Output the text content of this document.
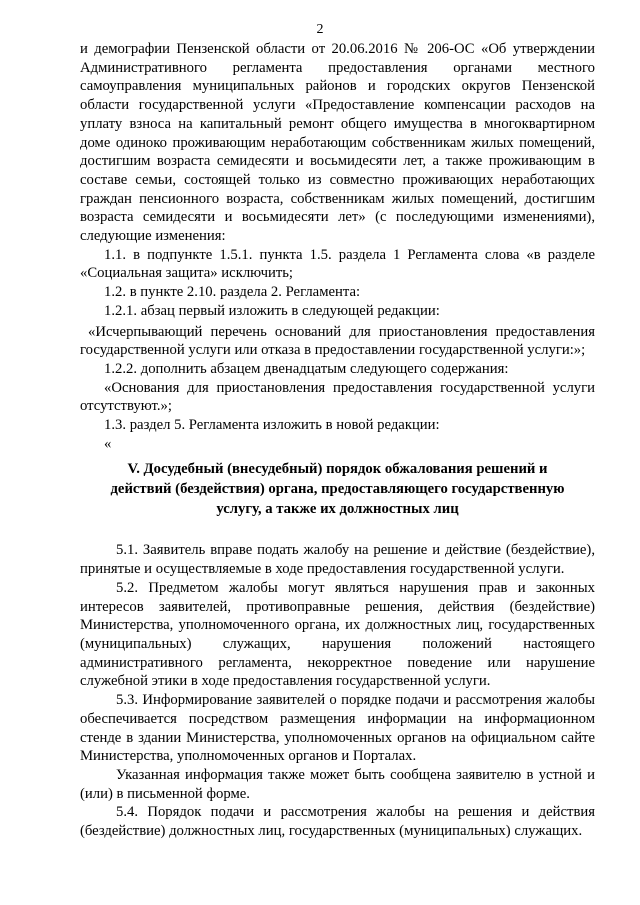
2

и демографии Пензенской области от 20.06.2016 № 206-ОС «Об утверждении Административного регламента предоставления органами местного самоуправления муниципальных районов и городских округов Пензенской области государственной услуги «Предоставление компенсации расходов на уплату взноса на капитальный ремонт общего имущества в многоквартирном доме одиноко проживающим неработающим собственникам жилых помещений, достигшим возраста семидесяти и восьмидесяти лет, а также проживающим в составе семьи, состоящей только из совместно проживающих неработающих граждан пенсионного возраста, собственникам жилых помещений, достигшим возраста семидесяти и восьмидесяти лет» (с последующими изменениями), следующие изменения:

1.1. в подпункте 1.5.1. пункта 1.5. раздела 1 Регламента слова «в разделе «Социальная защита» исключить;

1.2. в пункте 2.10. раздела 2. Регламента:

1.2.1. абзац первый изложить в следующей редакции:

«Исчерпывающий перечень оснований для приостановления предоставления государственной услуги или отказа в предоставлении государственной услуги:»;

1.2.2. дополнить абзацем двенадцатым следующего содержания:

«Основания для приостановления предоставления государственной услуги отсутствуют.»;

1.3. раздел 5. Регламента изложить в новой редакции:

«

V. Досудебный (внесудебный) порядок обжалования решений и действий (бездействия) органа, предоставляющего государственную услугу, а также их должностных лиц

5.1. Заявитель вправе подать жалобу на решение и действие (бездействие), принятые и осуществляемые в ходе предоставления государственной услуги.

5.2. Предметом жалобы могут являться нарушения прав и законных интересов заявителей, противоправные решения, действия (бездействие) Министерства, уполномоченного органа, их должностных лиц, государственных (муниципальных) служащих, нарушения положений настоящего административного регламента, некорректное поведение или нарушение служебной этики в ходе предоставления государственной услуги.

5.3. Информирование заявителей о порядке подачи и рассмотрения жалобы обеспечивается посредством размещения информации на информационном стенде в здании Министерства, уполномоченных органов на официальном сайте Министерства, уполномоченных органов и Порталах.

Указанная информация также может быть сообщена заявителю в устной и (или) в письменной форме.

5.4. Порядок подачи и рассмотрения жалобы на решения и действия (бездействие) должностных лиц, государственных (муниципальных) служащих.
